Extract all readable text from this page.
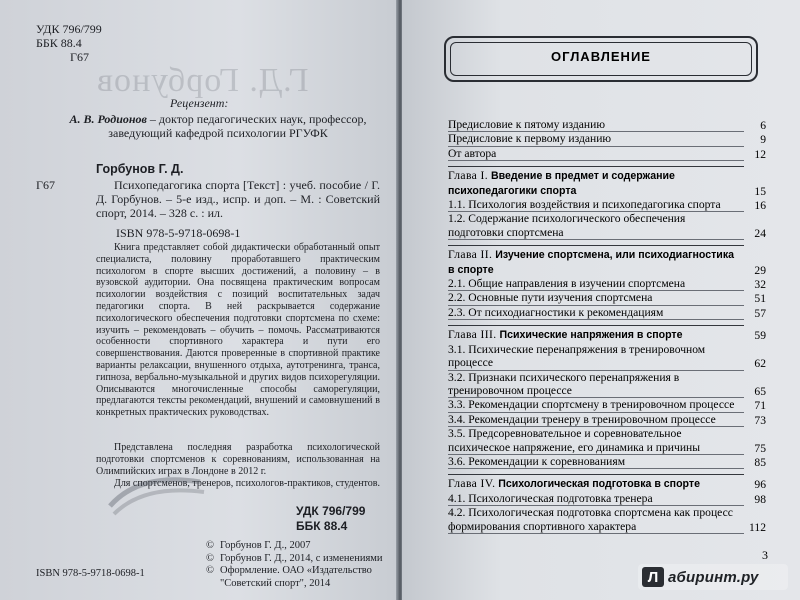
Г.Д. Горбунов
УДК 796/799
ББК 88.4
Г67
Рецензент:
А. В. Родионов – доктор педагогических наук, профессор, заведующий кафедрой психологии РГУФК
Горбунов Г. Д.
Г67	Психопедагогика спорта [Текст] : учеб. пособие / Г. Д. Горбунов. – 5-е изд., испр. и доп. – М. : Советский спорт, 2014. – 328 с. : ил.
ISBN 978-5-9718-0698-1
Книга представляет собой дидактически обработанный опыт специалиста, половину проработавшего практическим психологом в спорте высших достижений, а половину – в вузовской аудитории. Она посвящена практическим вопросам психологии воздействия с позиций воспитательных задач педагогики спорта. В ней раскрывается содержание психологического обеспечения подготовки спортсмена по схеме: изучить – рекомендовать – обучить – помочь. Рассматриваются особенности спортивного характера и пути его совершенствования. Даются проверенные в спортивной практике варианты релаксации, внушенного отдыха, аутотренинга, транса, гипноза, вербально-музыкальной и других видов психорегуляции. Описываются многочисленные способы саморегуляции, предлагаются тексты рекомендаций, внушений и самовнушений в конкретных практических руководствах.
Представлена последняя разработка психологической подготовки спортсменов к соревнованиям, использованная на Олимпийских играх в Лондоне в 2012 г.
Для спортсменов, тренеров, психологов-практиков, студентов.
УДК 796/799
ББК 88.4
© Горбунов Г. Д., 2007
© Горбунов Г. Д., 2014, с изменениями
© Оформление. ОАО «Издательство
"Советский спорт", 2014
ISBN 978-5-9718-0698-1
ОГЛАВЛЕНИЕ
Предисловие к пятому изданию	6
Предисловие к первому изданию	9
От автора	12
Глава I. Введение в предмет и содержание психопедагогики спорта	15
1.1. Психология воздействия и психопедагогика спорта	16
1.2. Содержание психологического обеспечения подготовки спортсмена	24
Глава II. Изучение спортсмена, или психодиагностика в спорте	29
2.1. Общие направления в изучении спортсмена	32
2.2. Основные пути изучения спортсмена	51
2.3. От психодиагностики к рекомендациям	57
Глава III. Психические напряжения в спорте	59
3.1. Психические перенапряжения в тренировочном процессе	62
3.2. Признаки психического перенапряжения в тренировочном процессе	65
3.3. Рекомендации спортсмену в тренировочном процессе	71
3.4. Рекомендации тренеру в тренировочном процессе	73
3.5. Предсоревновательное и соревновательное психическое напряжение, его динамика и причины	75
3.6. Рекомендации к соревнованиям	85
Глава IV. Психологическая подготовка в спорте	96
4.1. Психологическая подготовка тренера	98
4.2. Психологическая подготовка спортсмена как процесс формирования спортивного характера	112
3
Л абиринт.ру
